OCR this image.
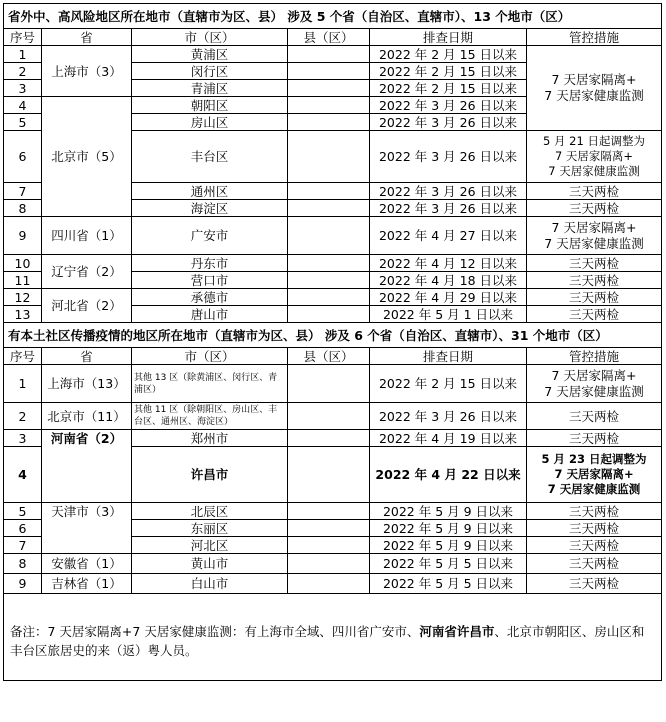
省外中、高风险地区所在地市（直辖市为区、县） 涉及 5 个省（自治区、直辖市）、13 个地市（区）					
序号	省	市（区）	县（区）	排查日期	管控措施
1	上海市（3）	黄浦区		2022 年 2 月 15 日以来	7 天居家隔离+
7 天居家健康监测
2		闵行区		2022 年 2 月 15 日以来	
3		青浦区		2022 年 2 月 15 日以来	
4	北京市（5）	朝阳区		2022 年 3 月 26 日以来	
5		房山区		2022 年 3 月 26 日以来	
6		丰台区		2022 年 3 月 26 日以来	5 月 21 日起调整为
7 天居家隔离+
7 天居家健康监测
7		通州区		2022 年 3 月 26 日以来	三天两检
8		海淀区		2022 年 3 月 26 日以来	三天两检
9	四川省（1）	广安市		2022 年 4 月 27 日以来	7 天居家隔离+
7 天居家健康监测
10	辽宁省（2）	丹东市		2022 年 4 月 12 日以来	三天两检
11		营口市		2022 年 4 月 18 日以来	三天两检
12	河北省（2）	承德市		2022 年 4 月 29 日以来	三天两检
13		唐山市		2022 年 5 月 1 日以来	三天两检
有本土社区传播疫情的地区所在地市（直辖市为区、县） 涉及 6 个省（自治区、直辖市）、31 个地市（区）					
序号	省	市（区）	县（区）	排查日期	管控措施
1	上海市（13）	其他 13 区（除黄浦区、闵行区、青浦区）		2022 年 2 月 15 日以来	7 天居家隔离+
7 天居家健康监测
2	北京市（11）	其他 11 区（除朝阳区、房山区、丰台区、通州区、海淀区）		2022 年 3 月 26 日以来	三天两检
3	河南省（2）	郑州市		2022 年 4 月 19 日以来	三天两检
4		许昌市		2022 年 4 月 22 日以来	5 月 23 日起调整为
7 天居家隔离+
7 天居家健康监测
5	天津市（3）	北辰区		2022 年 5 月 9 日以来	三天两检
6		东丽区		2022 年 5 月 9 日以来	三天两检
7		河北区		2022 年 5 月 9 日以来	三天两检
8	安徽省（1）	黄山市		2022 年 5 月 5 日以来	三天两检
9	吉林省（1）	白山市		2022 年 5 月 5 日以来	三天两检
备注：7 天居家隔离+7 天居家健康监测：有上海市全域、四川省广安市、河南省许昌市、北京市朝阳区、房山区和丰台区旅居史的来（返）粤人员。					
